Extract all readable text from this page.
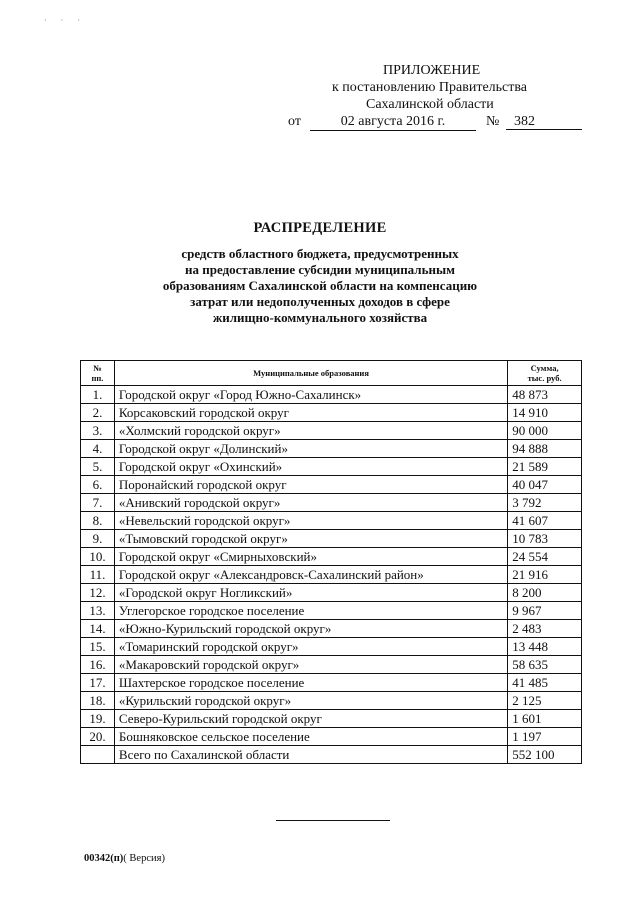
· · ·
ПРИЛОЖЕНИЕ
к постановлению Правительства
Сахалинской области
от	02 августа 2016 г.	№	382
РАСПРЕДЕЛЕНИЕ
средств областного бюджета, предусмотренных
на предоставление субсидии муниципальным
образованиям Сахалинской области на компенсацию
затрат или недополученных доходов в сфере
жилищно-коммунального хозяйства
№
пп.	Муниципальные образования	Сумма,
тыс. руб.
1.	Городской округ «Город Южно-Сахалинск»	48 873
2.	Корсаковский городской округ	14 910
3.	«Холмский городской округ»	90 000
4.	Городской округ «Долинский»	94 888
5.	Городской округ «Охинский»	21 589
6.	Поронайский городской округ	40 047
7.	«Анивский городской округ»	3 792
8.	«Невельский городской округ»	41 607
9.	«Тымовский городской округ»	10 783
10.	Городской округ «Смирныховский»	24 554
11.	Городской округ «Александровск-Сахалинский район»	21 916
12.	«Городской округ Ногликский»	8 200
13.	Углегорское городское поселение	9 967
14.	«Южно-Курильский городской округ»	2 483
15.	«Томаринский городской округ»	13 448
16.	«Макаровский городской округ»	58 635
17.	Шахтерское городское поселение	41 485
18.	«Курильский городской округ»	2 125
19.	Северо-Курильский городской округ	1 601
20.	Бошняковское сельское поселение	1 197
	Всего по Сахалинской области	552 100
00342(п)( Версия)
